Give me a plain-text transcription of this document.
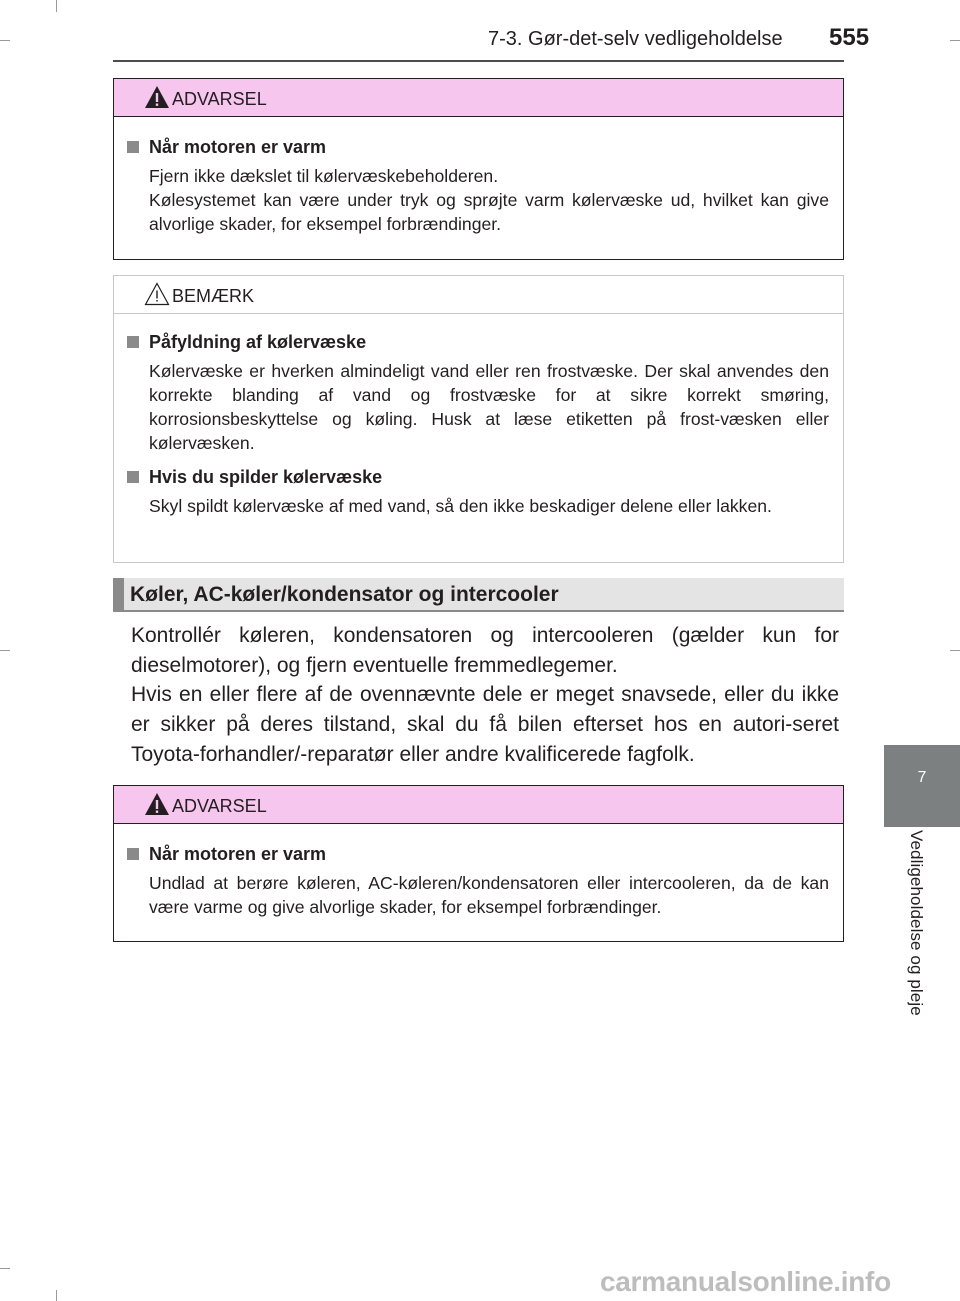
7-3. Gør-det-selv vedligeholdelse 555
7
Vedligeholdelse og pleje
ADVARSEL
Når motoren er varm

Fjern ikke dækslet til kølervæskebeholderen.

Kølesystemet kan være under tryk og sprøjte varm kølervæske ud, hvilket kan give alvorlige skader, for eksempel forbrændinger.

BEMÆRK
Påfyldning af kølervæske

Kølervæske er hverken almindeligt vand eller ren frostvæske. Der skal anvendes den korrekte blanding af vand og frostvæske for at sikre korrekt smøring, korrosionsbeskyttelse og køling. Husk at læse etiketten på frost-væsken eller kølervæsken.

Hvis du spilder kølervæske

Skyl spildt kølervæske af med vand, så den ikke beskadiger delene eller lakken.

Køler, AC-køler/kondensator og intercooler

Kontrollér køleren, kondensatoren og intercooleren (gælder kun for dieselmotorer), og fjern eventuelle fremmedlegemer.

Hvis en eller flere af de ovennævnte dele er meget snavsede, eller du ikke er sikker på deres tilstand, skal du få bilen efterset hos en autori-seret Toyota-forhandler/-reparatør eller andre kvalificerede fagfolk.

ADVARSEL
Når motoren er varm

Undlad at berøre køleren, AC-køleren/kondensatoren eller intercooleren, da de kan være varme og give alvorlige skader, for eksempel forbrændinger.

carmanualsonline.info
